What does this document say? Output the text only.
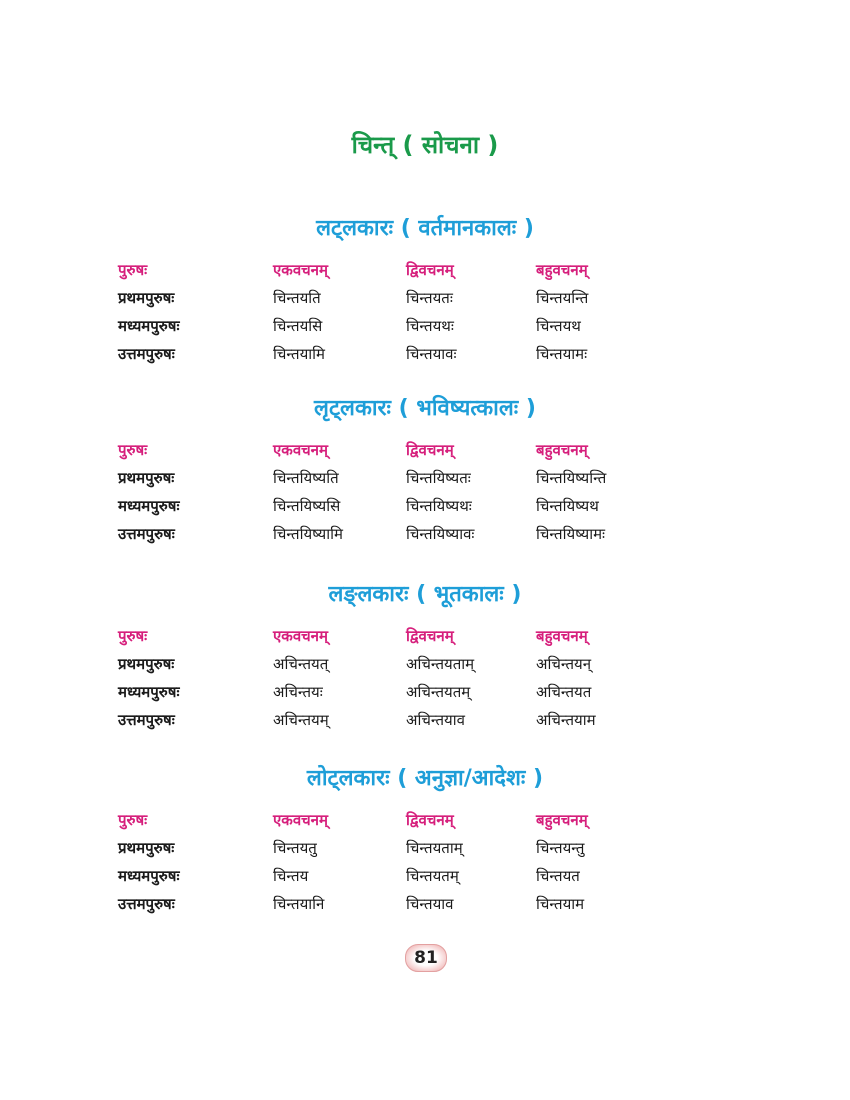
चिन्त् ( सोचना )
लट्लकारः ( वर्तमानकालः )
पुरुषः	एकवचनम्	द्विवचनम्	बहुवचनम्
प्रथमपुरुषः	चिन्तयति	चिन्तयतः	चिन्तयन्ति
मध्यमपुरुषः	चिन्तयसि	चिन्तयथः	चिन्तयथ
उत्तमपुरुषः	चिन्तयामि	चिन्तयावः	चिन्तयामः
लृट्लकारः ( भविष्यत्कालः )
पुरुषः	एकवचनम्	द्विवचनम्	बहुवचनम्
प्रथमपुरुषः	चिन्तयिष्यति	चिन्तयिष्यतः	चिन्तयिष्यन्ति
मध्यमपुरुषः	चिन्तयिष्यसि	चिन्तयिष्यथः	चिन्तयिष्यथ
उत्तमपुरुषः	चिन्तयिष्यामि	चिन्तयिष्यावः	चिन्तयिष्यामः
लङ्लकारः ( भूतकालः )
पुरुषः	एकवचनम्	द्विवचनम्	बहुवचनम्
प्रथमपुरुषः	अचिन्तयत्	अचिन्तयताम्	अचिन्तयन्
मध्यमपुरुषः	अचिन्तयः	अचिन्तयतम्	अचिन्तयत
उत्तमपुरुषः	अचिन्तयम्	अचिन्तयाव	अचिन्तयाम
लोट्लकारः ( अनुज्ञा/आदेशः )
पुरुषः	एकवचनम्	द्विवचनम्	बहुवचनम्
प्रथमपुरुषः	चिन्तयतु	चिन्तयताम्	चिन्तयन्तु
मध्यमपुरुषः	चिन्तय	चिन्तयतम्	चिन्तयत
उत्तमपुरुषः	चिन्तयानि	चिन्तयाव	चिन्तयाम
81
